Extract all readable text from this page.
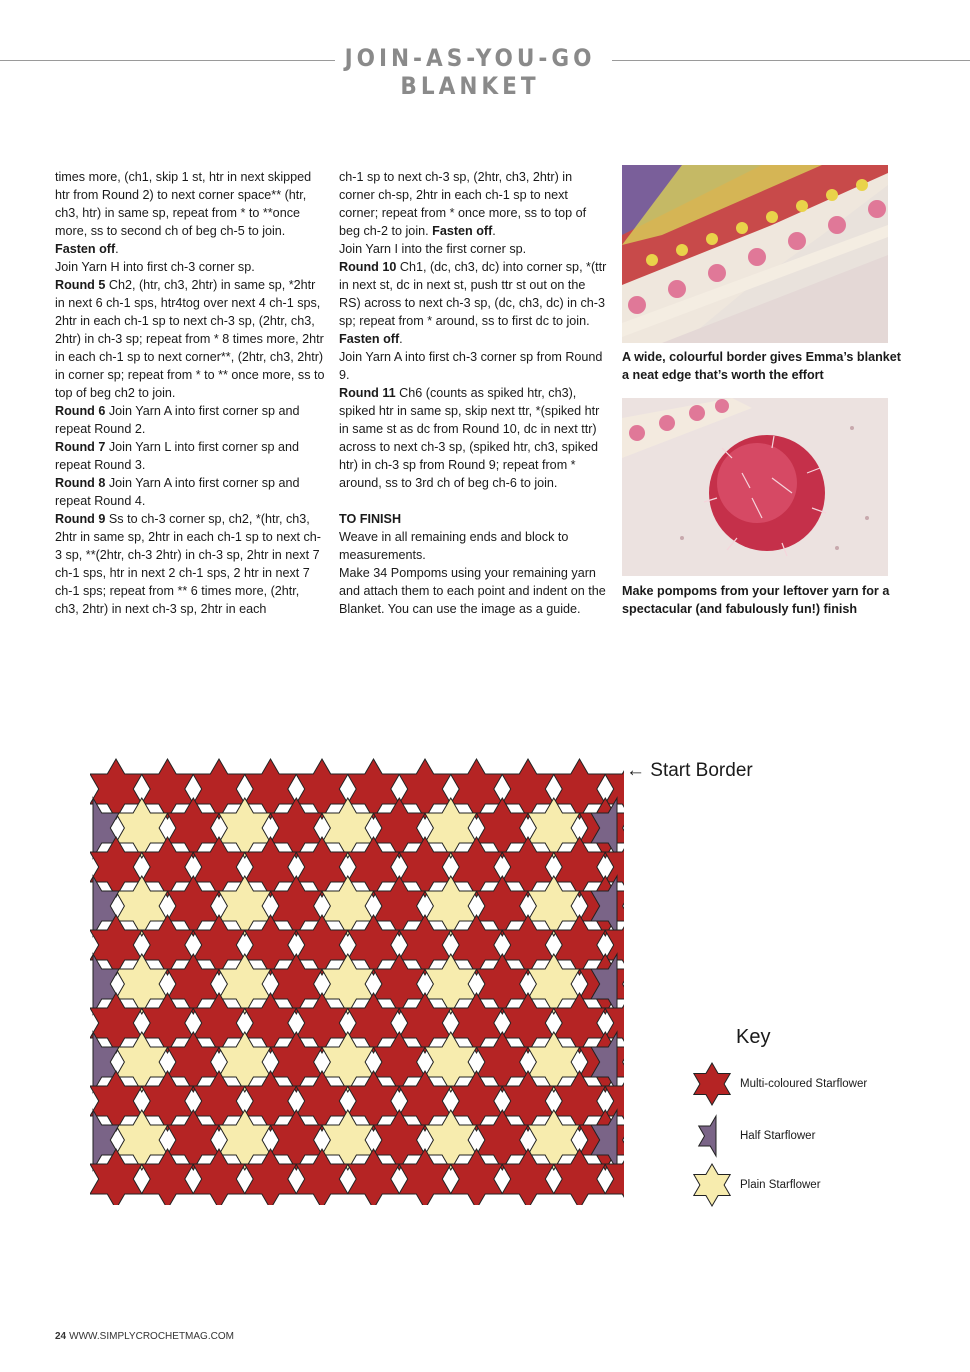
JOIN-AS-YOU-GO BLANKET

times more, (ch1, skip 1 st, htr in next skipped htr from Round 2) to next corner space** (htr, ch3, htr) in same sp, repeat from * to **once more, ss to second ch of beg ch-5 to join. Fasten off.

Join Yarn H into first ch-3 corner sp.

Round 5 Ch2, (htr, ch3, 2htr) in same sp, *2htr in next 6 ch-1 sps, htr4tog over next 4 ch-1 sps, 2htr in each ch-1 sp to next ch-3 sp, (2htr, ch3, 2htr) in ch-3 sp; repeat from * 8 times more, 2htr in each ch-1 sp to next corner**, (2htr, ch3, 2htr) in corner sp; repeat from * to ** once more, ss to top of beg ch2 to join.

Round 6 Join Yarn A into first corner sp and repeat Round 2.

Round 7 Join Yarn L into first corner sp and repeat Round 3.

Round 8 Join Yarn A into first corner sp and repeat Round 4.

Round 9 Ss to ch-3 corner sp, ch2, *(htr, ch3, 2htr in same sp, 2htr in each ch-1 sp to next ch-3 sp, **(2htr, ch-3 2htr) in ch-3 sp, 2htr in next 7 ch-1 sps, htr in next 2 ch-1 sps, 2 htr in next 7 ch-1 sps; repeat from ** 6 times more, (2htr, ch3, 2htr) in next ch-3 sp, 2htr in each

ch-1 sp to next ch-3 sp, (2htr, ch3, 2htr) in corner ch-sp, 2htr in each ch-1 sp to next corner; repeat from * once more, ss to top of beg ch-2 to join. Fasten off.

Join Yarn I into the first corner sp.

Round 10 Ch1, (dc, ch3, dc) into corner sp, *(ttr in next st, dc in next st, push ttr st out on the RS) across to next ch-3 sp, (dc, ch3, dc) in ch-3 sp; repeat from * around, ss to first dc to join. Fasten off.

Join Yarn A into first ch-3 corner sp from Round 9.

Round 11 Ch6 (counts as spiked htr, ch3), spiked htr in same sp, skip next ttr, *(spiked htr in same st as dc from Round 10, dc in next ttr) across to next ch-3 sp, (spiked htr, ch3, spiked htr) in ch-3 sp from Round 9; repeat from * around, ss to 3rd ch of beg ch-6 to join.

TO FINISH

Weave in all remaining ends and block to measurements.

Make 34 Pompoms using your remaining yarn and attach them to each point and indent on the Blanket. You can use the image as a guide.

A wide, colourful border gives Emma’s blanket a neat edge that’s worth the effort
Make pompoms from your leftover yarn for a spectacular (and fabulously fun!) finish
← Start Border
Key
Multi-coloured Starflower
Half Starflower
Plain Starflower
24 WWW.SIMPLYCROCHETMAG.COM
